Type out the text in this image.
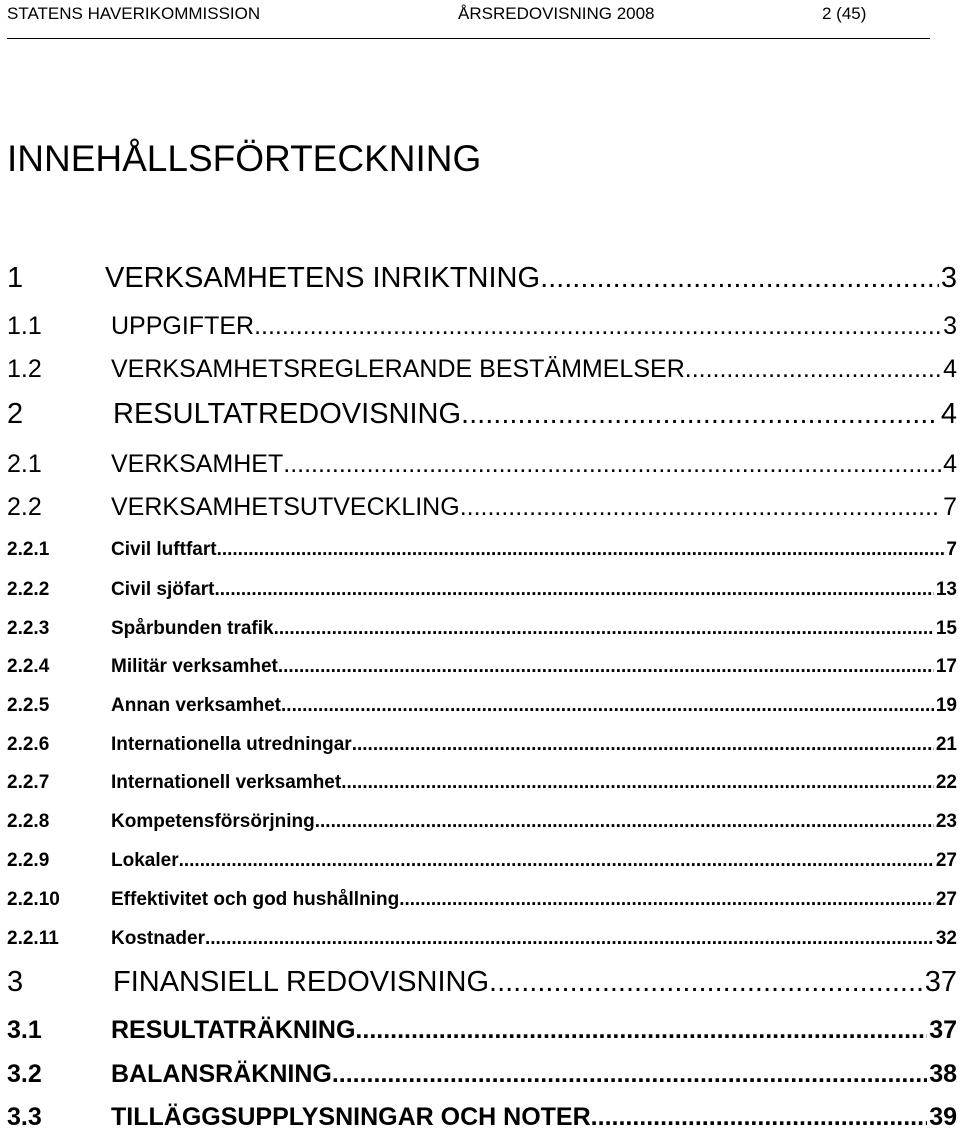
STATENS HAVERIKOMMISSION	ÅRSREDOVISNING 2008	2 (45)
INNEHÅLLSFÖRTECKNING
1	VERKSAMHETENS INRIKTNING .....	3
1.1	UPPGIFTER .....	3
1.2	VERKSAMHETSREGLERANDE BESTÄMMELSER .....	4
2	RESULTATREDOVISNING .....	4
2.1	VERKSAMHET .....	4
2.2	VERKSAMHETSUTVECKLING .....	7
2.2.1	Civil luftfart .....	7
2.2.2	Civil sjöfart .....	13
2.2.3	Spårbunden trafik .....	15
2.2.4	Militär verksamhet .....	17
2.2.5	Annan verksamhet .....	19
2.2.6	Internationella utredningar .....	21
2.2.7	Internationell verksamhet .....	22
2.2.8	Kompetensförsörjning .....	23
2.2.9	Lokaler .....	27
2.2.10	Effektivitet och god hushållning .....	27
2.2.11	Kostnader .....	32
3	FINANSIELL REDOVISNING .....	37
3.1	RESULTATRÄKNING .....	37
3.2	BALANSRÄKNING .....	38
3.3	TILLÄGGSUPPLYSNINGAR OCH NOTER .....	39
